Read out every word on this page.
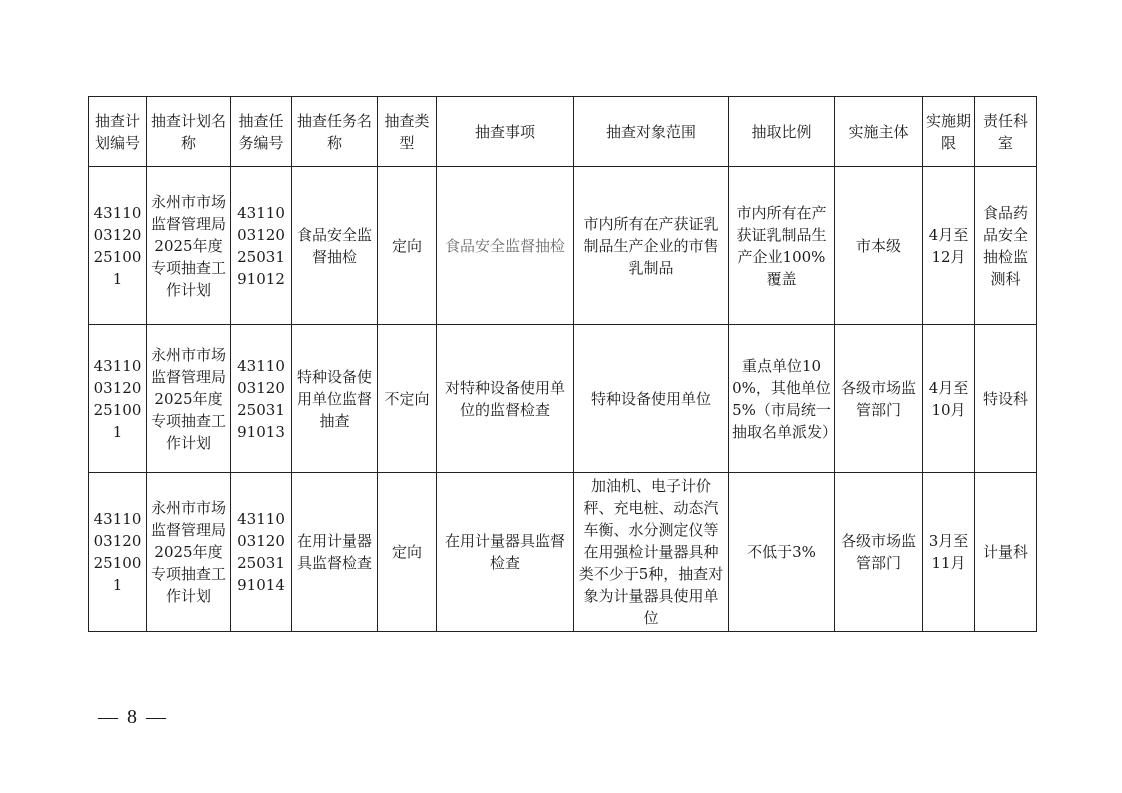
抽查计划编号	抽查计划名称	抽查任务编号	抽查任务名称	抽查类型	抽查事项	抽查对象范围	抽取比例	实施主体	实施期限	责任科室
4311003120251001	永州市市场监督管理局2025年度专项抽查工作计划	43110031202503191012	食品安全监督抽检	定向	食品安全监督抽检	市内所有在产获证乳制品生产企业的市售乳制品	市内所有在产获证乳制品生产企业100%覆盖	市本级	4月至12月	食品药品安全抽检监测科
4311003120251001	永州市市场监督管理局2025年度专项抽查工作计划	43110031202503191013	特种设备使用单位监督抽查	不定向	对特种设备使用单位的监督检查	特种设备使用单位	重点单位100%，其他单位5%（市局统一抽取名单派发）	各级市场监管部门	4月至10月	特设科
4311003120251001	永州市市场监督管理局2025年度专项抽查工作计划	43110031202503191014	在用计量器具监督检查	定向	在用计量器具监督检查	加油机、电子计价秤、充电桩、动态汽车衡、水分测定仪等在用强检计量器具种类不少于5种，抽查对象为计量器具使用单位	不低于3%	各级市场监管部门	3月至11月	计量科
— 8 —
